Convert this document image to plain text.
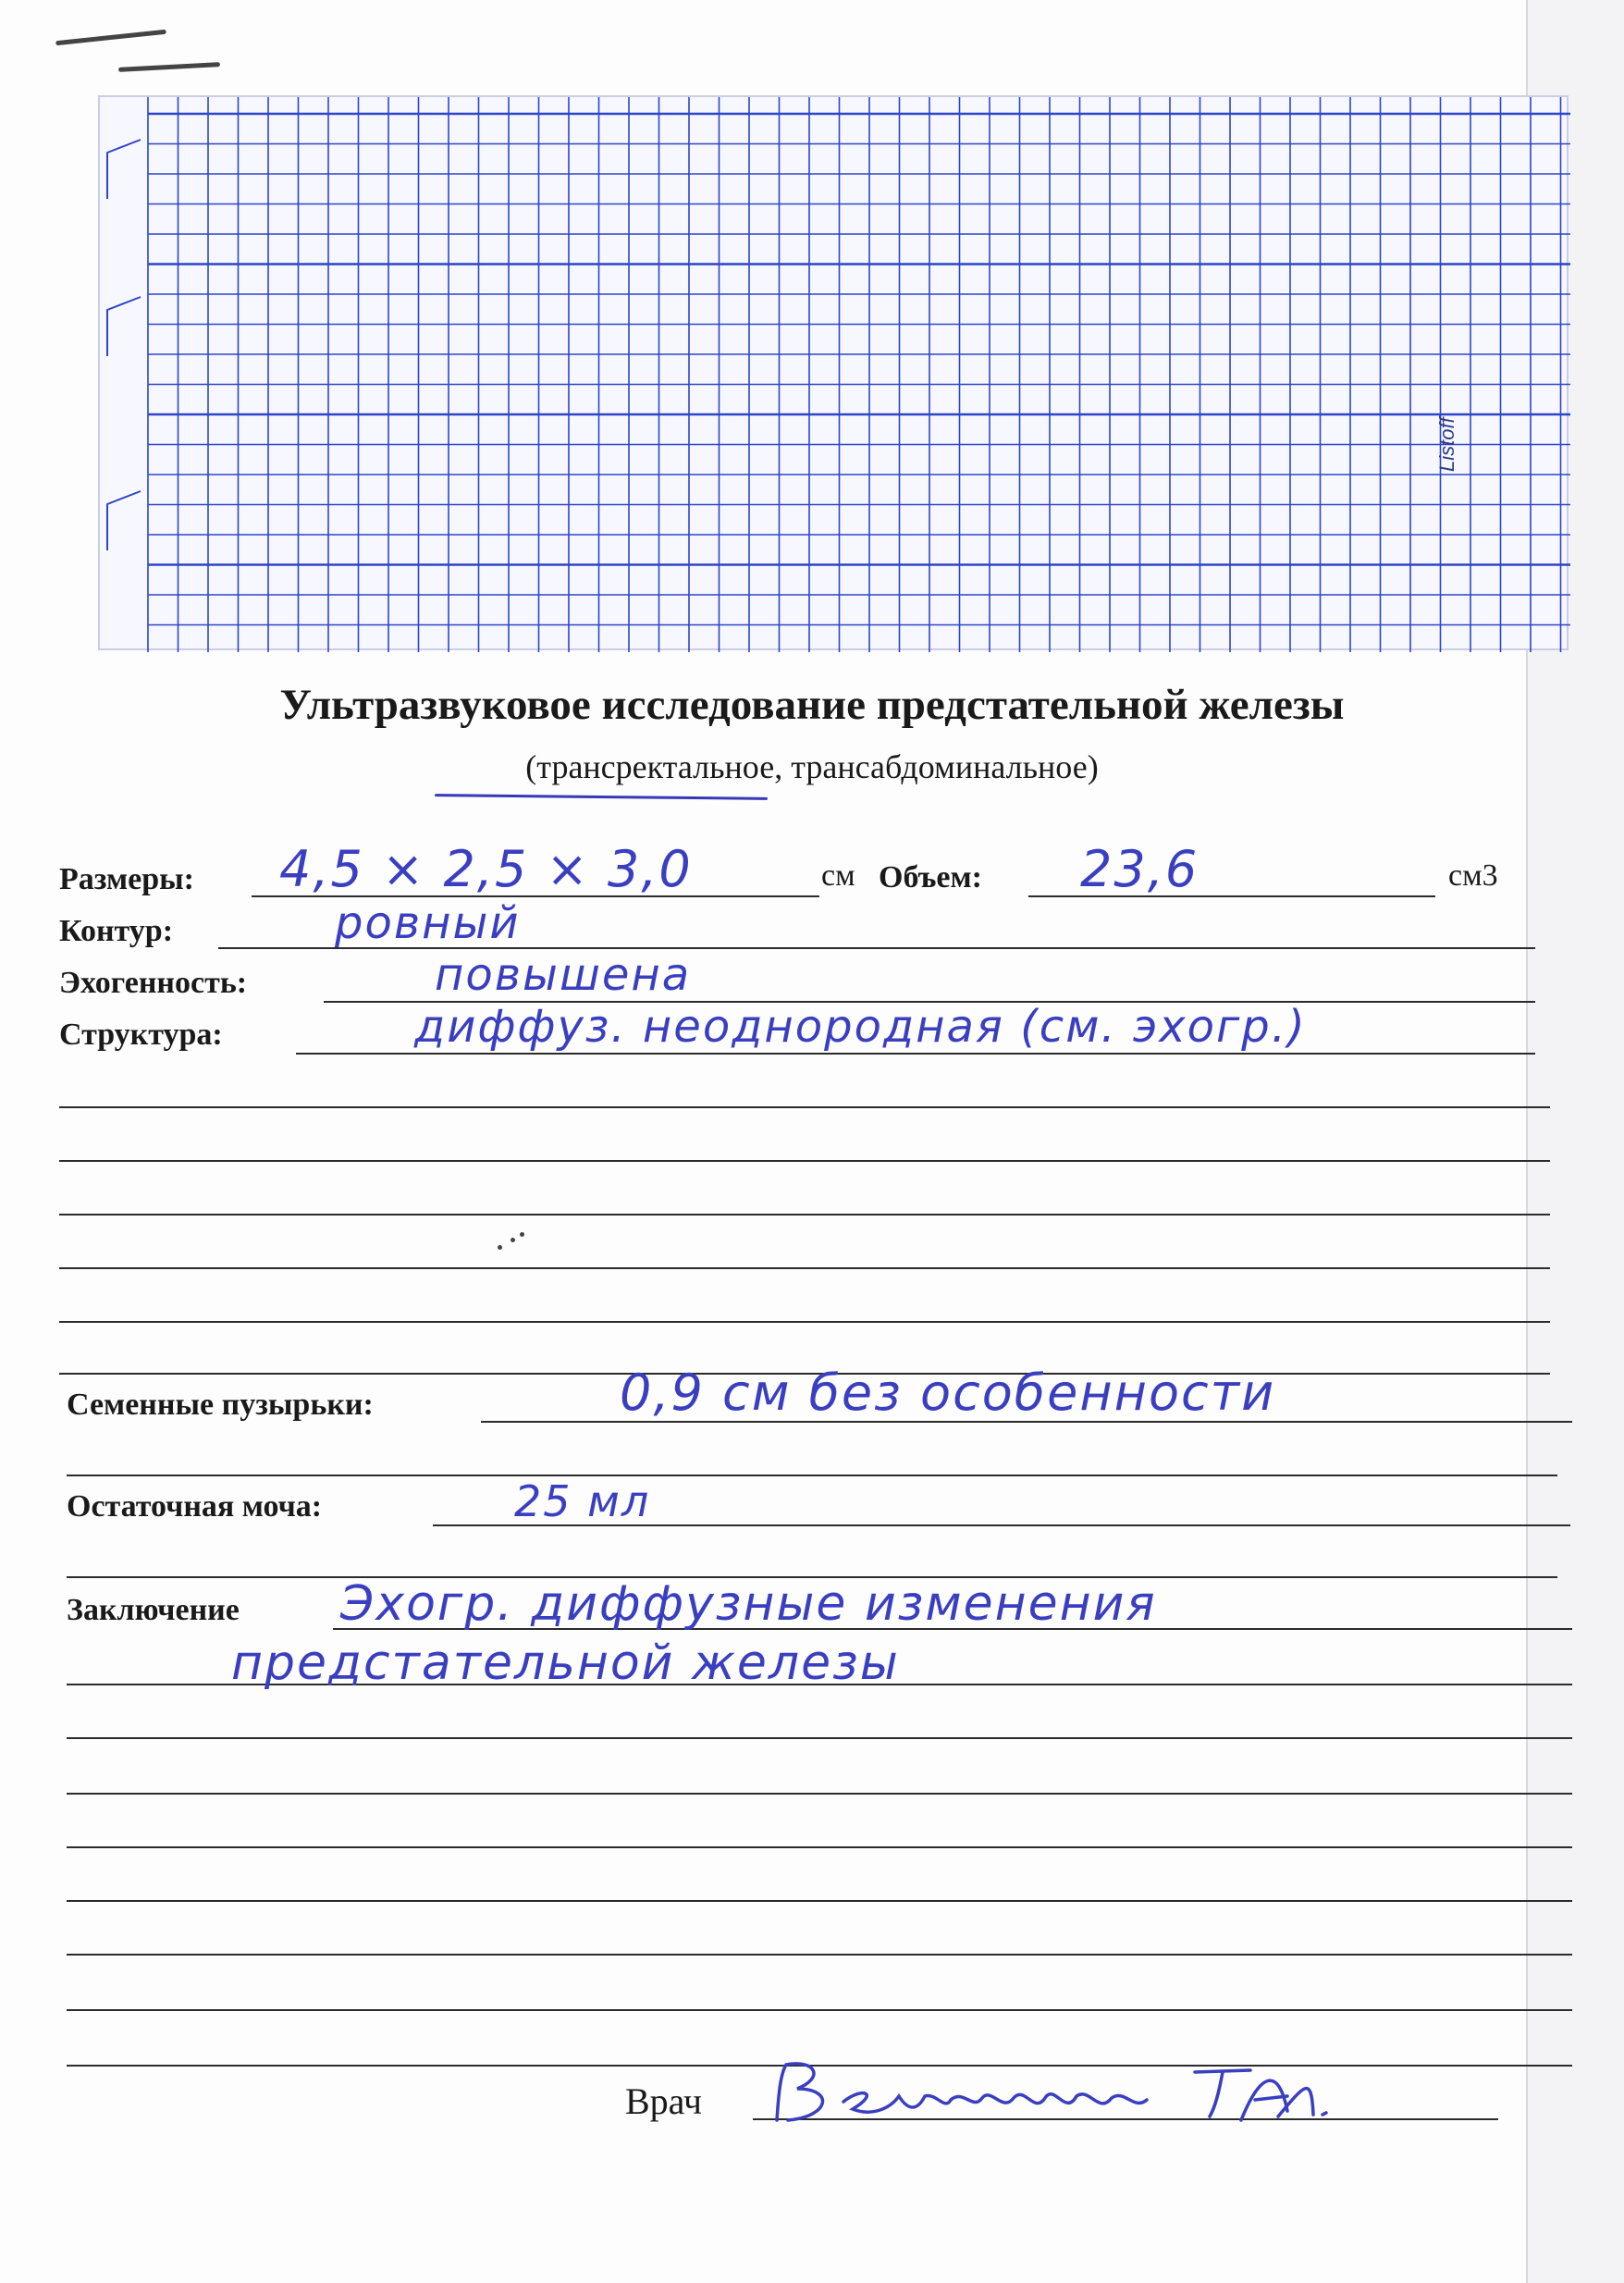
Listoff
Ультразвуковое исследование предстательной железы
(трансректальное, трансабдоминальное)
Размеры: 4,5 × 2,5 × 3,0	см Объем: 23,6	см3
Контур:	ровный
Эхогенность:	повышена
Структура:	диффуз. неоднородная (см. эхогр.)
Семенные пузырьки:	0,9 см без особенности
Остаточная моча:	25 мл
Заключение Эхогр. диффузные изменения
предстательной железы
Врач
Вереникина Т.А.
